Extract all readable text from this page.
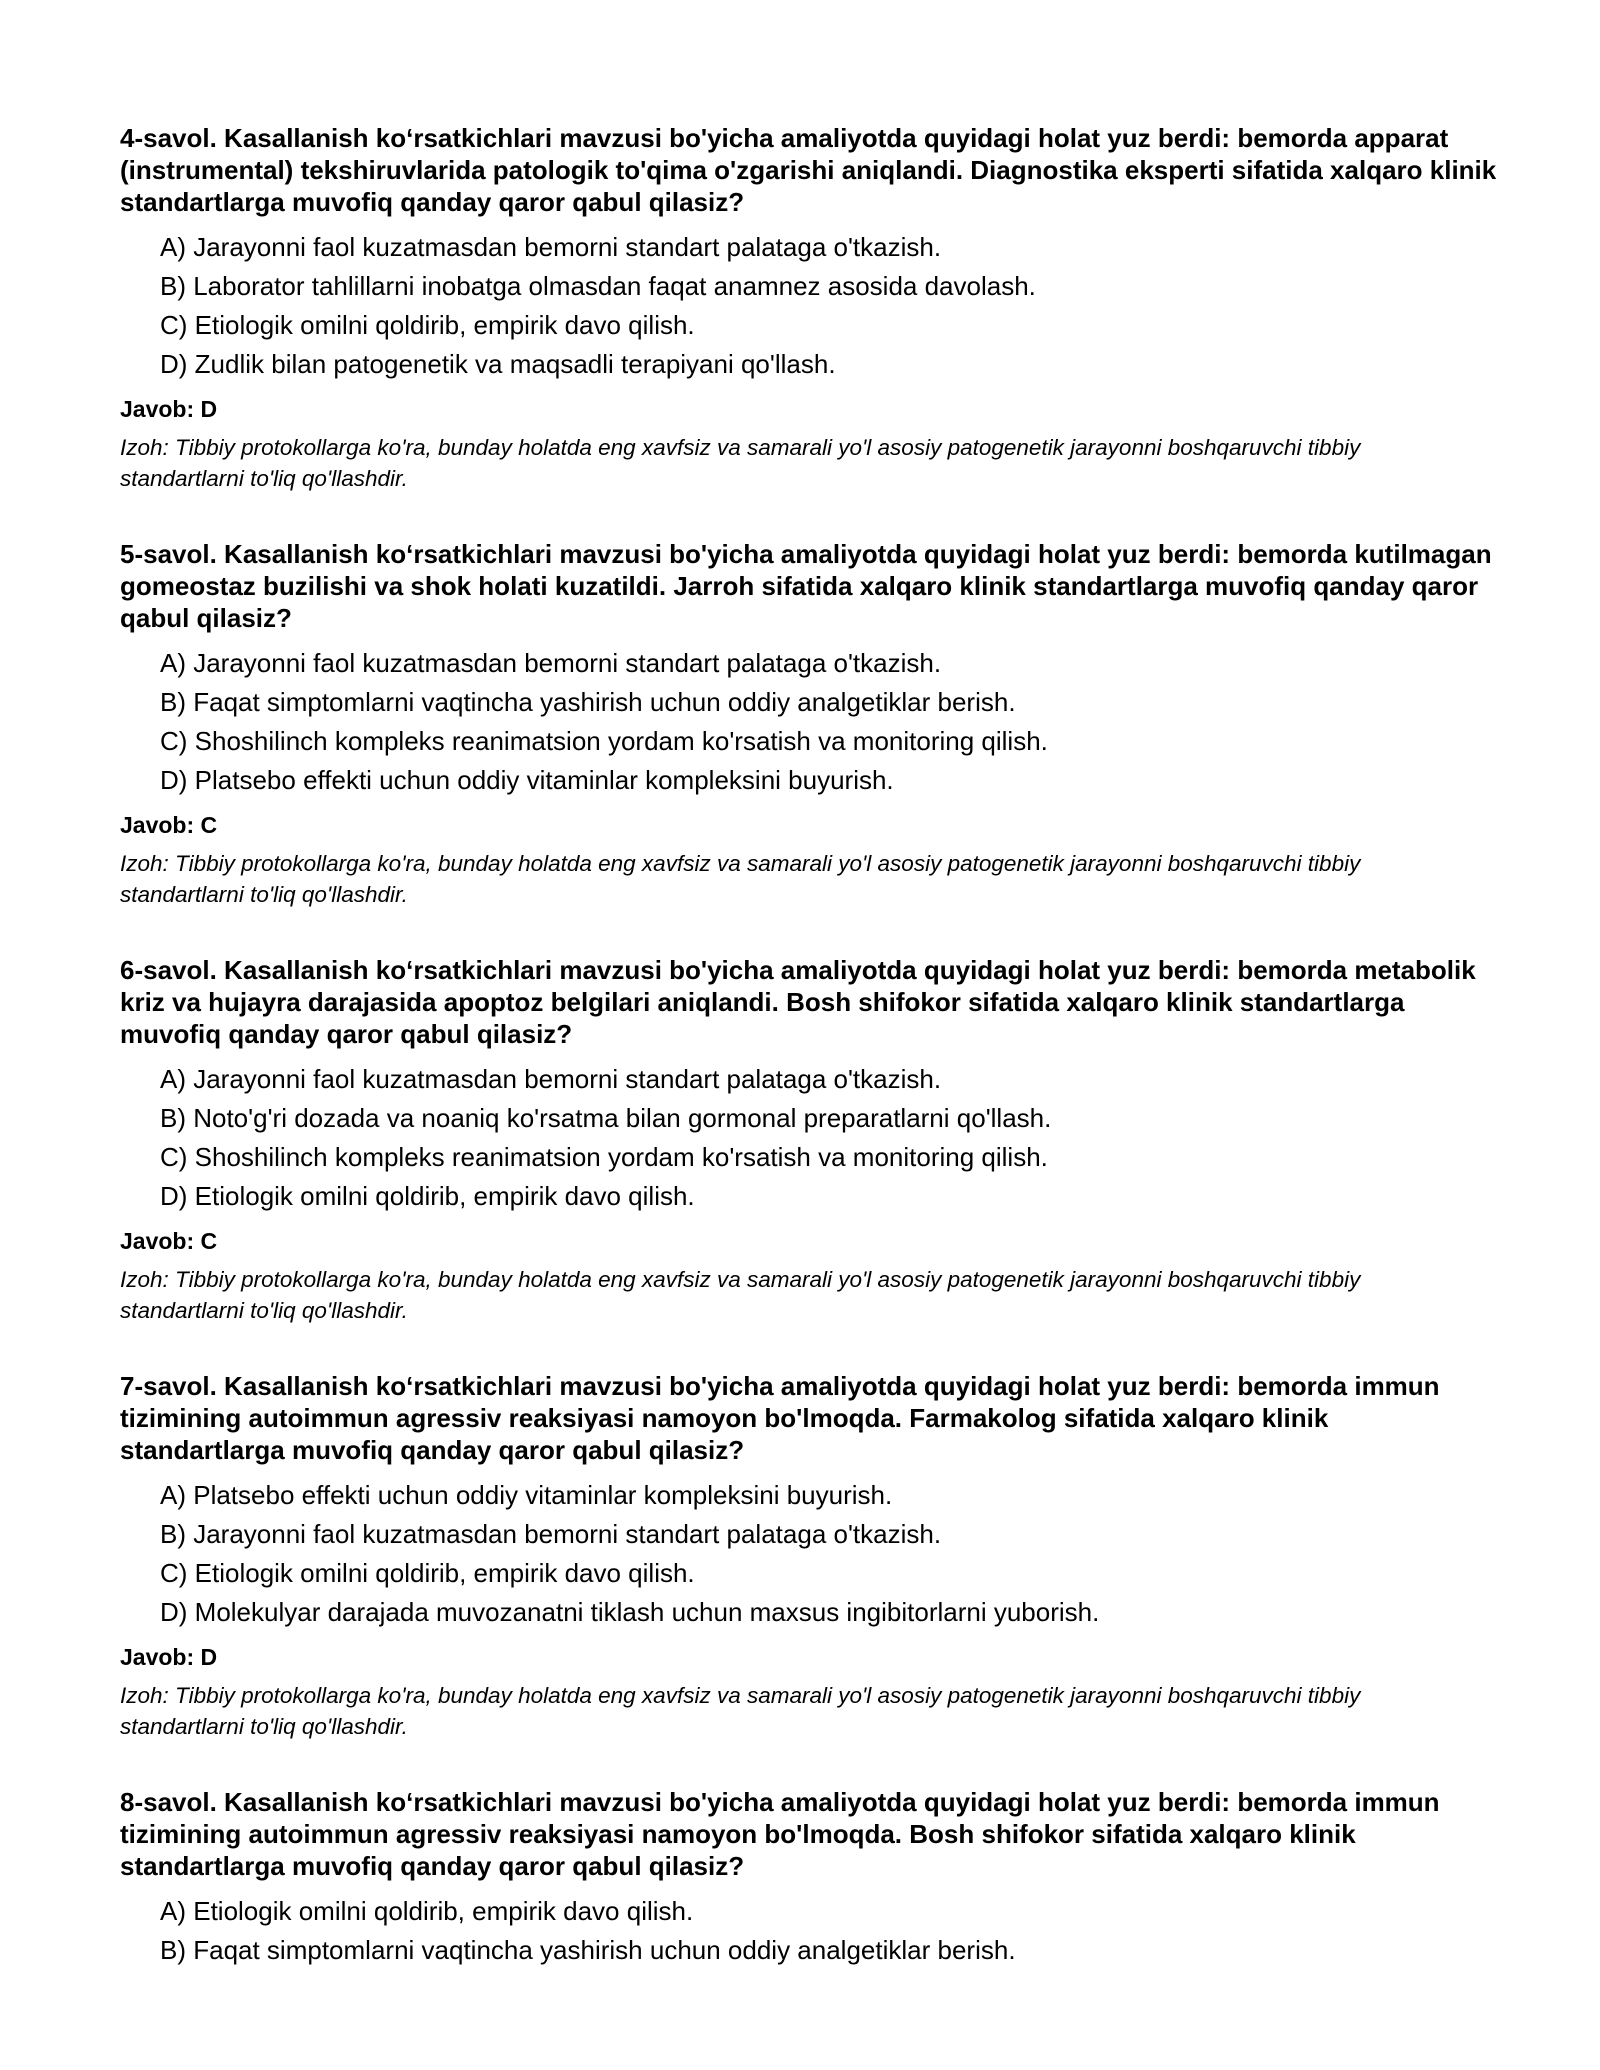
4-savol. Kasallanish ko‘rsatkichlari mavzusi bo'yicha amaliyotda quyidagi holat yuz berdi: bemorda apparat (instrumental) tekshiruvlarida patologik to'qima o'zgarishi aniqlandi. Diagnostika eksperti sifatida xalqaro klinik standartlarga muvofiq qanday qaror qabul qilasiz?

A) Jarayonni faol kuzatmasdan bemorni standart palataga o'tkazish.
B) Laborator tahlillarni inobatga olmasdan faqat anamnez asosida davolash.
C) Etiologik omilni qoldirib, empirik davo qilish.
D) Zudlik bilan patogenetik va maqsadli terapiyani qo'llash.

Javob: D

Izoh: Tibbiy protokollarga ko'ra, bunday holatda eng xavfsiz va samarali yo'l asosiy patogenetik jarayonni boshqaruvchi tibbiy standartlarni to'liq qo'llashdir.

5-savol. Kasallanish ko‘rsatkichlari mavzusi bo'yicha amaliyotda quyidagi holat yuz berdi: bemorda kutilmagan gomeostaz buzilishi va shok holati kuzatildi. Jarroh sifatida xalqaro klinik standartlarga muvofiq qanday qaror qabul qilasiz?

A) Jarayonni faol kuzatmasdan bemorni standart palataga o'tkazish.
B) Faqat simptomlarni vaqtincha yashirish uchun oddiy analgetiklar berish.
C) Shoshilinch kompleks reanimatsion yordam ko'rsatish va monitoring qilish.
D) Platsebo effekti uchun oddiy vitaminlar kompleksini buyurish.

Javob: C

Izoh: Tibbiy protokollarga ko'ra, bunday holatda eng xavfsiz va samarali yo'l asosiy patogenetik jarayonni boshqaruvchi tibbiy standartlarni to'liq qo'llashdir.

6-savol. Kasallanish ko‘rsatkichlari mavzusi bo'yicha amaliyotda quyidagi holat yuz berdi: bemorda metabolik kriz va hujayra darajasida apoptoz belgilari aniqlandi. Bosh shifokor sifatida xalqaro klinik standartlarga muvofiq qanday qaror qabul qilasiz?

A) Jarayonni faol kuzatmasdan bemorni standart palataga o'tkazish.
B) Noto'g'ri dozada va noaniq ko'rsatma bilan gormonal preparatlarni qo'llash.
C) Shoshilinch kompleks reanimatsion yordam ko'rsatish va monitoring qilish.
D) Etiologik omilni qoldirib, empirik davo qilish.

Javob: C

Izoh: Tibbiy protokollarga ko'ra, bunday holatda eng xavfsiz va samarali yo'l asosiy patogenetik jarayonni boshqaruvchi tibbiy standartlarni to'liq qo'llashdir.

7-savol. Kasallanish ko‘rsatkichlari mavzusi bo'yicha amaliyotda quyidagi holat yuz berdi: bemorda immun tizimining autoimmun agressiv reaksiyasi namoyon bo'lmoqda. Farmakolog sifatida xalqaro klinik standartlarga muvofiq qanday qaror qabul qilasiz?

A) Platsebo effekti uchun oddiy vitaminlar kompleksini buyurish.
B) Jarayonni faol kuzatmasdan bemorni standart palataga o'tkazish.
C) Etiologik omilni qoldirib, empirik davo qilish.
D) Molekulyar darajada muvozanatni tiklash uchun maxsus ingibitorlarni yuborish.

Javob: D

Izoh: Tibbiy protokollarga ko'ra, bunday holatda eng xavfsiz va samarali yo'l asosiy patogenetik jarayonni boshqaruvchi tibbiy standartlarni to'liq qo'llashdir.

8-savol. Kasallanish ko‘rsatkichlari mavzusi bo'yicha amaliyotda quyidagi holat yuz berdi: bemorda immun tizimining autoimmun agressiv reaksiyasi namoyon bo'lmoqda. Bosh shifokor sifatida xalqaro klinik standartlarga muvofiq qanday qaror qabul qilasiz?

A) Etiologik omilni qoldirib, empirik davo qilish.
B) Faqat simptomlarni vaqtincha yashirish uchun oddiy analgetiklar berish.
